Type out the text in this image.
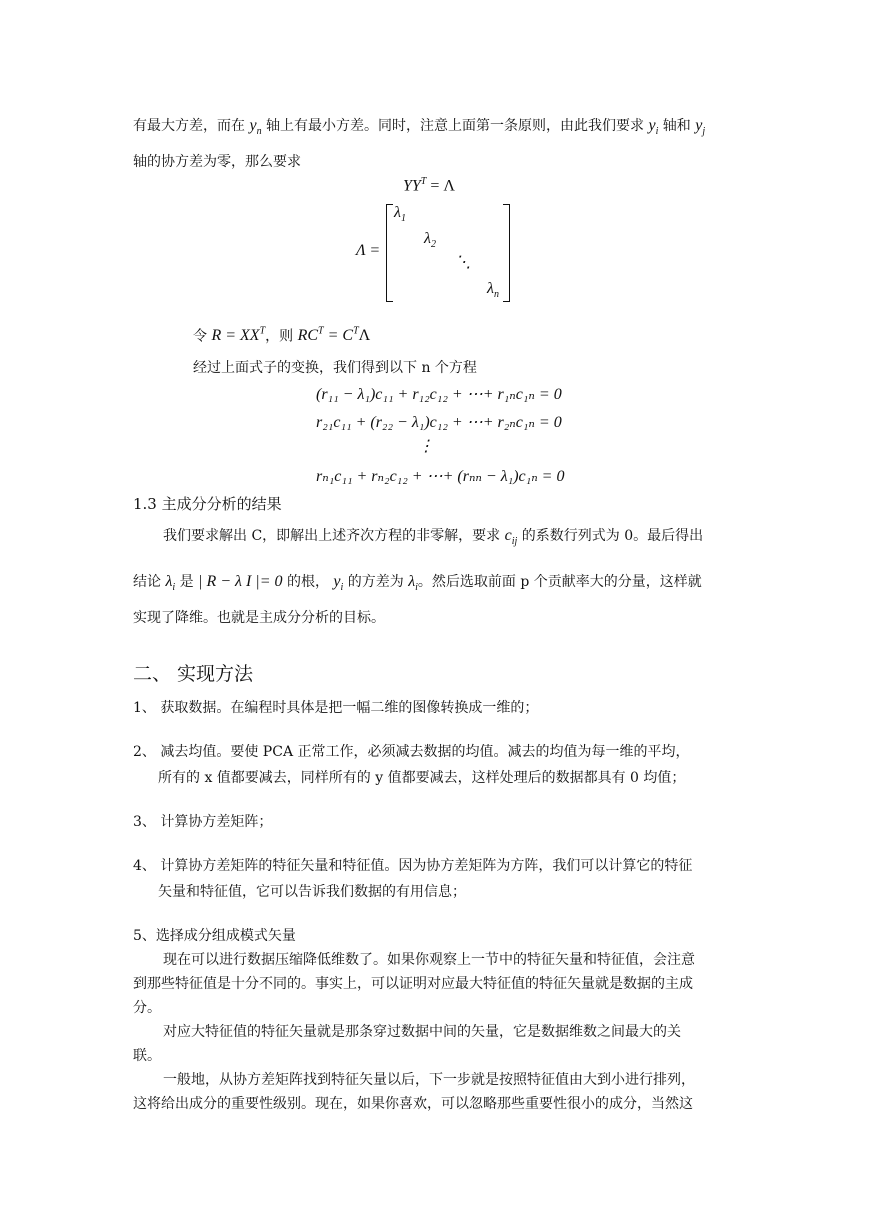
有最大方差，而在 $y_n$ 轴上有最小方差。同时，注意上面第一条原则，由此我们要求 $y_i$ 轴和 $y_j$
轴的协方差为零，那么要求
$YY^T = \Lambda$
Λ =
$\lambda_1$
$\lambda_2$
⋱
$\lambda_n$
令 $R = XX^T$，则 $RC^T = C^T\Lambda$
经过上面式子的变换，我们得到以下 n 个方程
(r₁₁ − λ₁)c₁₁ + r₁₂c₁₂ + ⋯+ r₁ₙc₁ₙ = 0
r₂₁c₁₁ + (r₂₂ − λ₁)c₁₂ + ⋯+ r₂ₙc₁ₙ = 0
⋮
rₙ₁c₁₁ + rₙ₂c₁₂ + ⋯+ (rₙₙ − λ₁)c₁ₙ = 0
1.3 主成分分析的结果
我们要求解出 C，即解出上述齐次方程的非零解，要求 $c_{ij}$ 的系数行列式为 0。最后得出
结论 $\lambda_i$ 是 | R − λ I |= 0 的根， $y_i$ 的方差为 $\lambda_i$。然后选取前面 p 个贡献率大的分量，这样就
实现了降维。也就是主成分分析的目标。
二、 实现方法
1、 获取数据。在编程时具体是把一幅二维的图像转换成一维的；
2、 减去均值。要使 PCA 正常工作，必须减去数据的均值。减去的均值为每一维的平均，
所有的 x 值都要减去，同样所有的 y 值都要减去，这样处理后的数据都具有 0 均值；
3、 计算协方差矩阵；
4、 计算协方差矩阵的特征矢量和特征值。因为协方差矩阵为方阵，我们可以计算它的特征
矢量和特征值，它可以告诉我们数据的有用信息；
5、选择成分组成模式矢量
现在可以进行数据压缩降低维数了。如果你观察上一节中的特征矢量和特征值，会注意
到那些特征值是十分不同的。事实上，可以证明对应最大特征值的特征矢量就是数据的主成
分。
对应大特征值的特征矢量就是那条穿过数据中间的矢量，它是数据维数之间最大的关
联。
一般地，从协方差矩阵找到特征矢量以后，下一步就是按照特征值由大到小进行排列，
这将给出成分的重要性级别。现在，如果你喜欢，可以忽略那些重要性很小的成分，当然这
